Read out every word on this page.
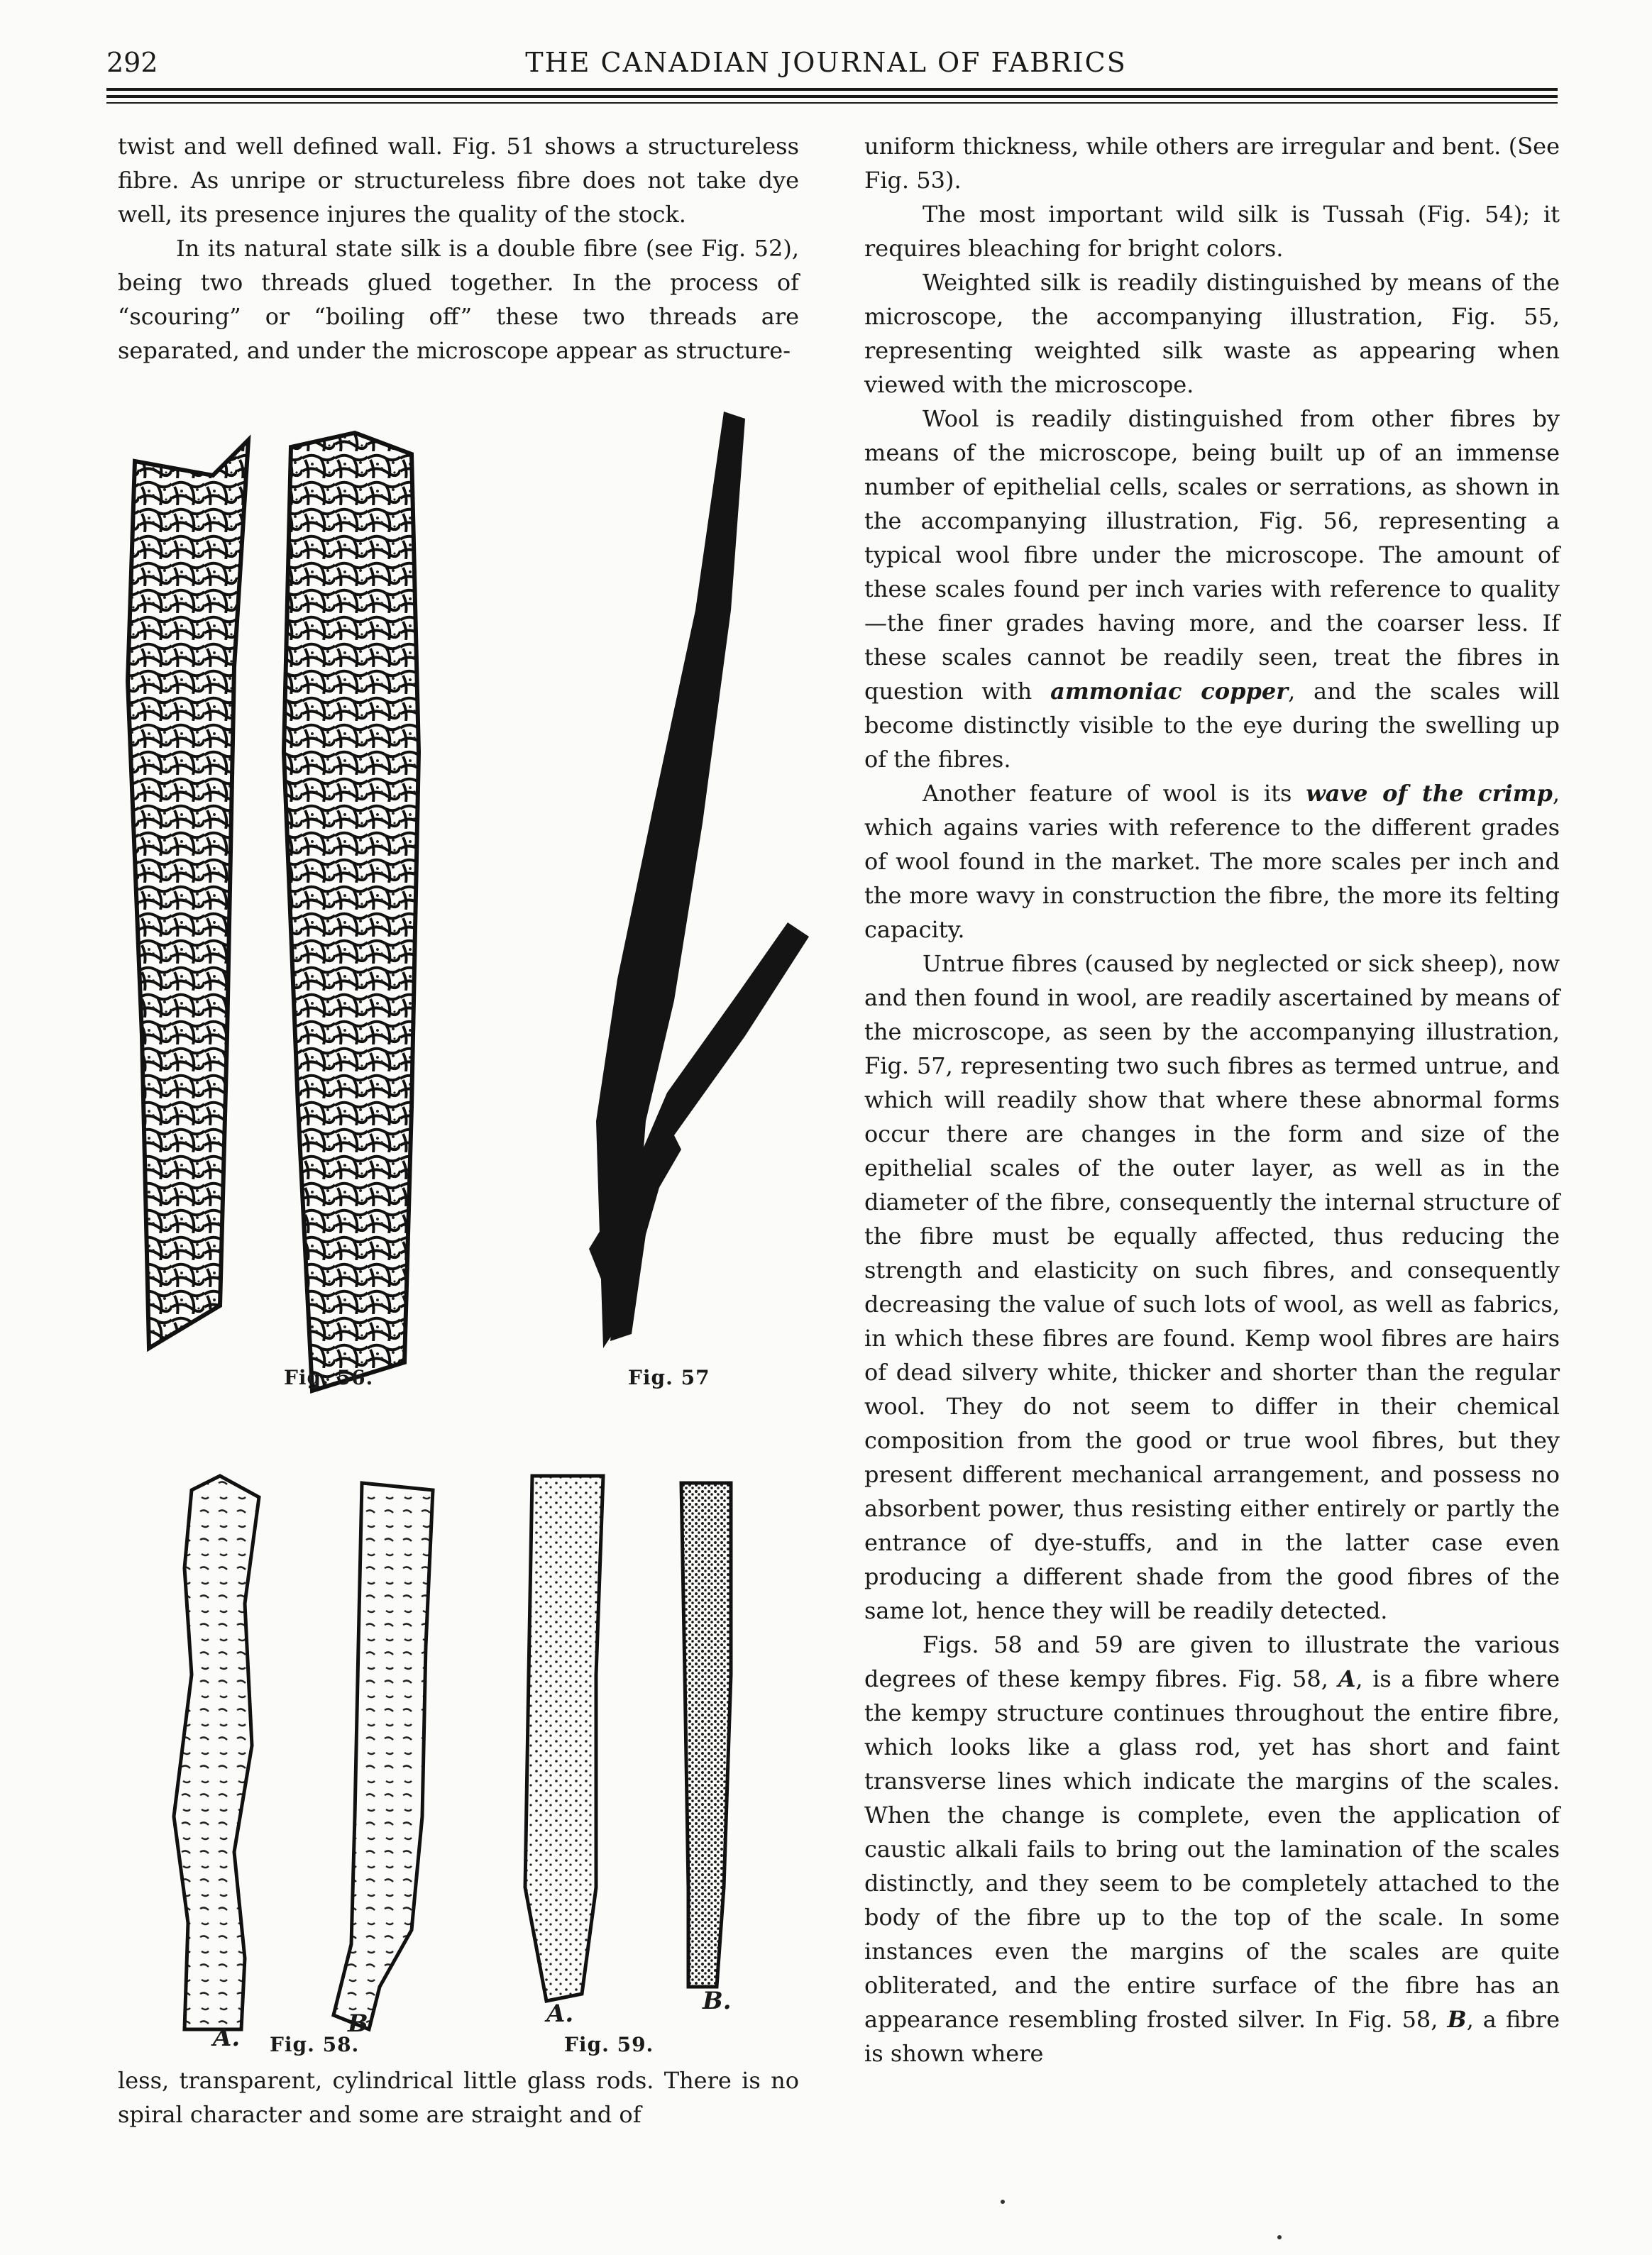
292	THE CANADIAN JOURNAL OF FABRICS

twist and well defined wall. Fig. 51 shows a structureless fibre. As unripe or structureless fibre does not take dye well, its presence injures the quality of the stock.

In its natural state silk is a double fibre (see Fig. 52), being two threads glued together. In the process of “scouring” or “boiling off” these two threads are separated, and under the microscope appear as structure-

Fig. 56.	Fig. 57
A.	B	A.	B.
Fig. 58.	Fig. 59.

less, transparent, cylindrical little glass rods. There is no spiral character and some are straight and of

uniform thickness, while others are irregular and bent. (See Fig. 53).

The most important wild silk is Tussah (Fig. 54); it requires bleaching for bright colors.

Weighted silk is readily distinguished by means of the microscope, the accompanying illustration, Fig. 55, representing weighted silk waste as appearing when viewed with the microscope.

Wool is readily distinguished from other fibres by means of the microscope, being built up of an immense number of epithelial cells, scales or serrations, as shown in the accompanying illustration, Fig. 56, representing a typical wool fibre under the microscope. The amount of these scales found per inch varies with reference to quality—the finer grades having more, and the coarser less. If these scales cannot be readily seen, treat the fibres in question with ammoniac copper, and the scales will become distinctly visible to the eye during the swelling up of the fibres.

Another feature of wool is its wave of the crimp, which agains varies with reference to the different grades of wool found in the market. The more scales per inch and the more wavy in construction the fibre, the more its felting capacity.

Untrue fibres (caused by neglected or sick sheep), now and then found in wool, are readily ascertained by means of the microscope, as seen by the accompanying illustration, Fig. 57, representing two such fibres as termed untrue, and which will readily show that where these abnormal forms occur there are changes in the form and size of the epithelial scales of the outer layer, as well as in the diameter of the fibre, consequently the internal structure of the fibre must be equally affected, thus reducing the strength and elasticity on such fibres, and consequently decreasing the value of such lots of wool, as well as fabrics, in which these fibres are found. Kemp wool fibres are hairs of dead silvery white, thicker and shorter than the regular wool. They do not seem to differ in their chemical composition from the good or true wool fibres, but they present different mechanical arrangement, and possess no absorbent power, thus resisting either entirely or partly the entrance of dye-stuffs, and in the latter case even producing a different shade from the good fibres of the same lot, hence they will be readily detected.

Figs. 58 and 59 are given to illustrate the various degrees of these kempy fibres. Fig. 58, A, is a fibre where the kempy structure continues throughout the entire fibre, which looks like a glass rod, yet has short and faint transverse lines which indicate the margins of the scales. When the change is complete, even the application of caustic alkali fails to bring out the lamination of the scales distinctly, and they seem to be completely attached to the body of the fibre up to the top of the scale. In some instances even the margins of the scales are quite obliterated, and the entire surface of the fibre has an appearance resembling frosted silver. In Fig. 58, B, a fibre is shown where
